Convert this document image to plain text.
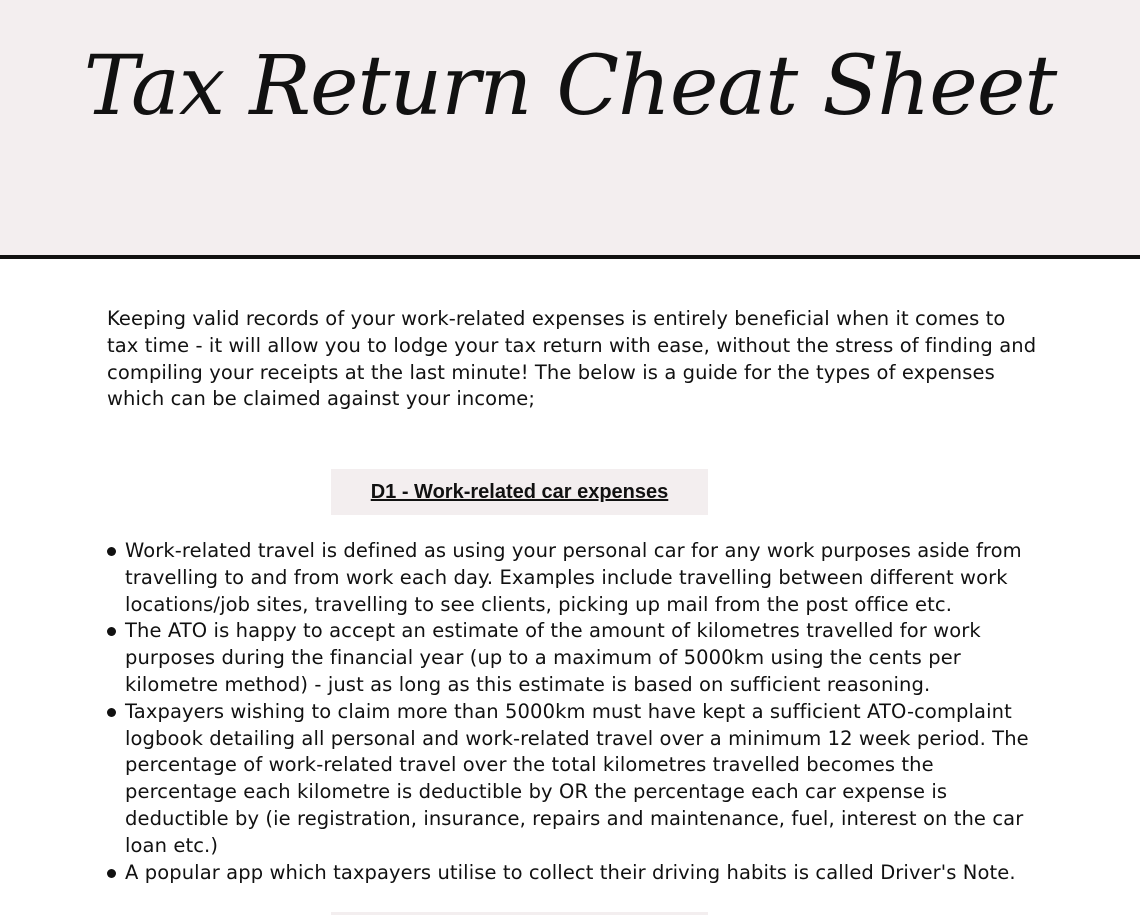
Tax Return Cheat Sheet

Keeping valid records of your work-related expenses is entirely beneficial when it comes to tax time - it will allow you to lodge your tax return with ease, without the stress of finding and compiling your receipts at the last minute! The below is a guide for the types of expenses which can be claimed against your income;

D1 - Work-related car expenses
Work-related travel is defined as using your personal car for any work purposes aside from travelling to and from work each day. Examples include travelling between different work locations/job sites, travelling to see clients, picking up mail from the post office etc.
The ATO is happy to accept an estimate of the amount of kilometres travelled for work purposes during the financial year (up to a maximum of 5000km using the cents per kilometre method) - just as long as this estimate is based on sufficient reasoning.
Taxpayers wishing to claim more than 5000km must have kept a sufficient ATO-complaint logbook detailing all personal and work-related travel over a minimum 12 week period. The percentage of work-related travel over the total kilometres travelled becomes the percentage each kilometre is deductible by OR the percentage each car expense is deductible by (ie registration, insurance, repairs and maintenance, fuel, interest on the car loan etc.)
A popular app which taxpayers utilise to collect their driving habits is called Driver's Note.
